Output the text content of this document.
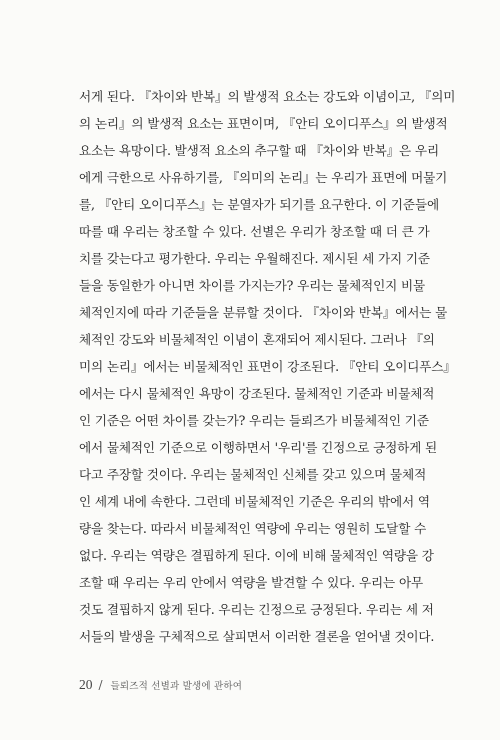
서게 된다. 『차이와 반복』의 발생적 요소는 강도와 이념이고, 『의미
의 논리』의 발생적 요소는 표면이며, 『안티 오이디푸스』의 발생적
요소는 욕망이다. 발생적 요소의 추구할 때 『차이와 반복』은 우리
에게 극한으로 사유하기를, 『의미의 논리』는 우리가 표면에 머물기
를, 『안티 오이디푸스』는 분열자가 되기를 요구한다. 이 기준들에
따를 때 우리는 창조할 수 있다. 선별은 우리가 창조할 때 더 큰 가
치를 갖는다고 평가한다. 우리는 우월해진다. 제시된 세 가지 기준
들을 동일한가 아니면 차이를 가지는가? 우리는 물체적인지 비물
체적인지에 따라 기준들을 분류할 것이다. 『차이와 반복』에서는 물
체적인 강도와 비물체적인 이념이 혼재되어 제시된다. 그러나 『의
미의 논리』에서는 비물체적인 표면이 강조된다. 『안티 오이디푸스』
에서는 다시 물체적인 욕망이 강조된다. 물체적인 기준과 비물체적
인 기준은 어떤 차이를 갖는가? 우리는 들뢰즈가 비물체적인 기준
에서 물체적인 기준으로 이행하면서 '우리'를 긴정으로 긍정하게 된
다고 주장할 것이다. 우리는 물체적인 신체를 갖고 있으며 물체적
인 세계 내에 속한다. 그런데 비물체적인 기준은 우리의 밖에서 역
량을 찾는다. 따라서 비물체적인 역량에 우리는 영원히 도달할 수
없다. 우리는 역량은 결핍하게 된다. 이에 비해 물체적인 역량을 강
조할 때 우리는 우리 안에서 역량을 발견할 수 있다. 우리는 아무
것도 결핍하지 않게 된다. 우리는 긴정으로 긍정된다. 우리는 세 저
서들의 발생을 구체적으로 살피면서 이러한 결론을 얻어낼 것이다.
20 / 들뢰즈적 선별과 발생에 관하여
